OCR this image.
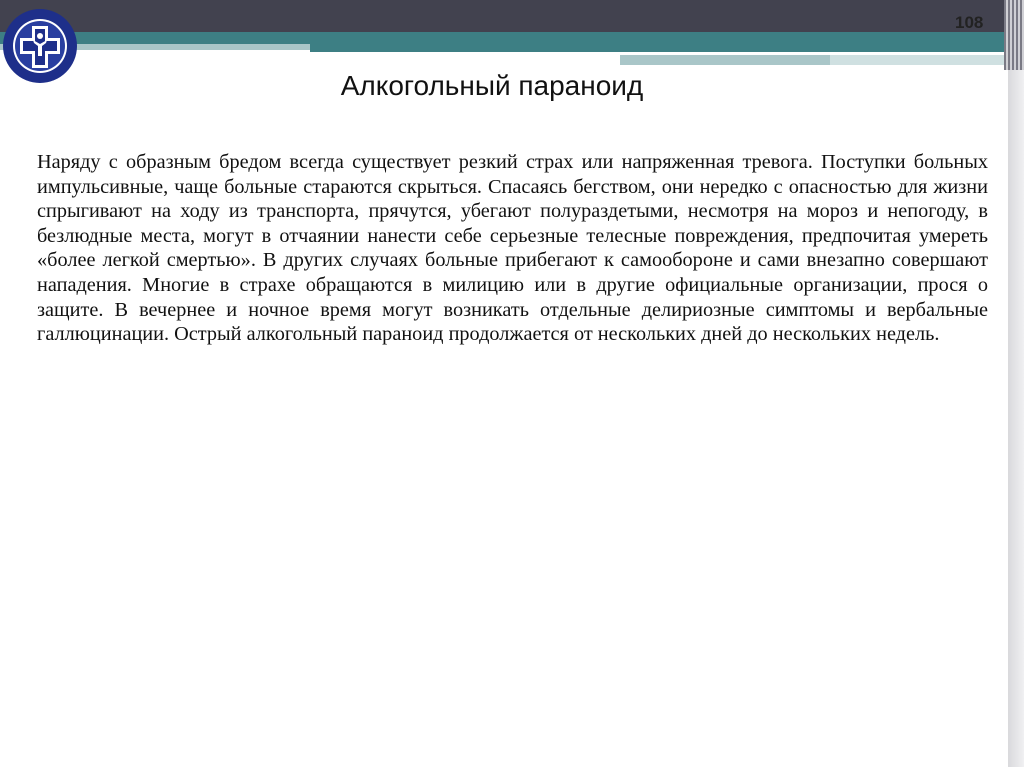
108
Алкогольный параноид
Наряду с образным бредом всегда существует резкий страх или напряженная тревога. Поступки больных импульсивные, чаще больные стараются скрыться. Спасаясь бегством, они нередко с опасностью для жизни спрыгивают на ходу из транспорта, прячутся, убегают полураздетыми, несмотря на мороз и непогоду, в безлюдные места, могут в отчаянии нанести себе серьезные телесные повреждения, предпочитая умереть «более легкой смертью». В других случаях больные прибегают к самообороне и сами внезапно совершают нападения. Многие в страхе обращаются в милицию или в другие официальные организации, прося о защите. В вечернее и ночное время могут возникать отдельные делириозные симптомы и вербальные галлюцинации. Острый алкогольный параноид продолжается от нескольких дней до нескольких недель.
